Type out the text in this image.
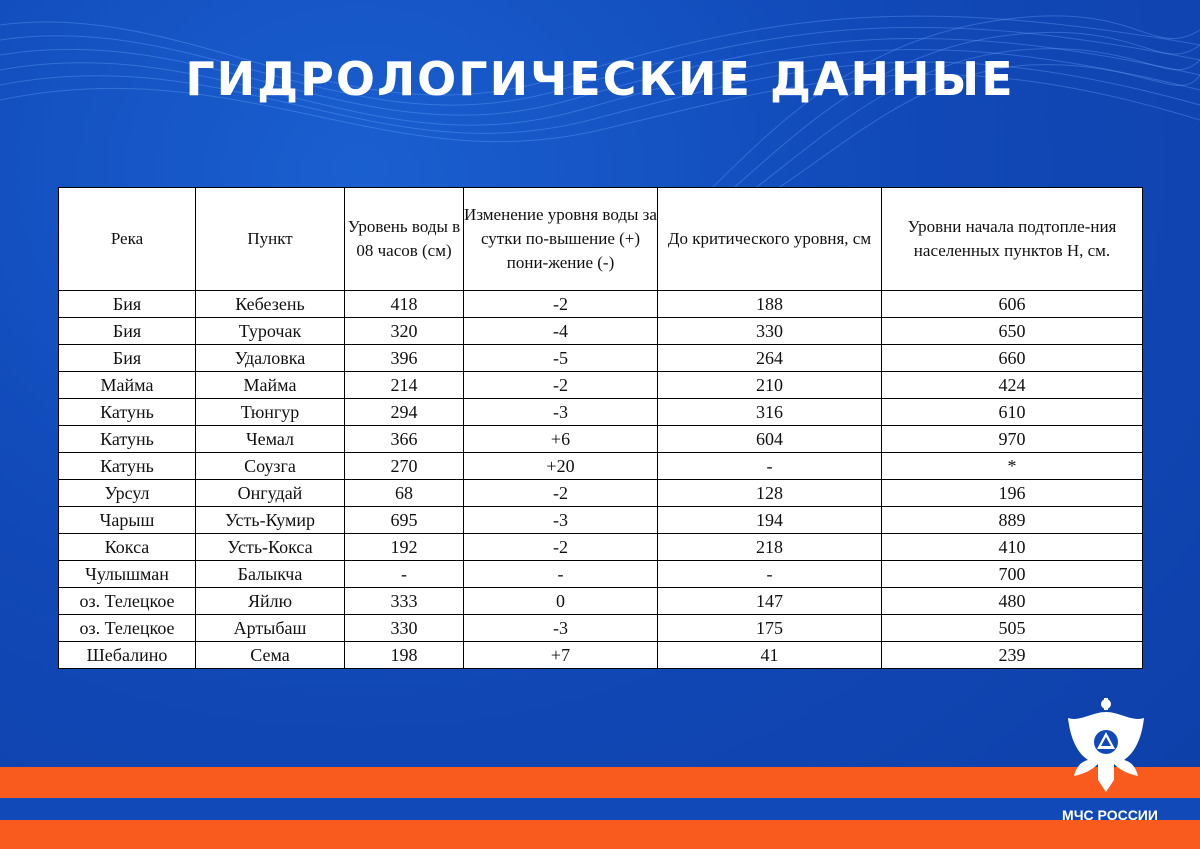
ГИДРОЛОГИЧЕСКИЕ ДАННЫЕ
Река	Пункт	Уровень воды в 08 часов (см)	Изменение уровня воды за сутки по-вышение (+) пони-жение (-)	До критического уровня, см	Уровни начала подтопле-ния населенных пунктов Н, см.
Бия	Кебезень	418	-2	188	606
Бия	Турочак	320	-4	330	650
Бия	Удаловка	396	-5	264	660
Майма	Майма	214	-2	210	424
Катунь	Тюнгур	294	-3	316	610
Катунь	Чемал	366	+6	604	970
Катунь	Соузга	270	+20	-	*
Урсул	Онгудай	68	-2	128	196
Чарыш	Усть-Кумир	695	-3	194	889
Кокса	Усть-Кокса	192	-2	218	410
Чулышман	Балыкча	-	-	-	700
оз. Телецкое	Яйлю	333	0	147	480
оз. Телецкое	Артыбаш	330	-3	175	505
Шебалино	Сема	198	+7	41	239
МЧС РОССИИ
